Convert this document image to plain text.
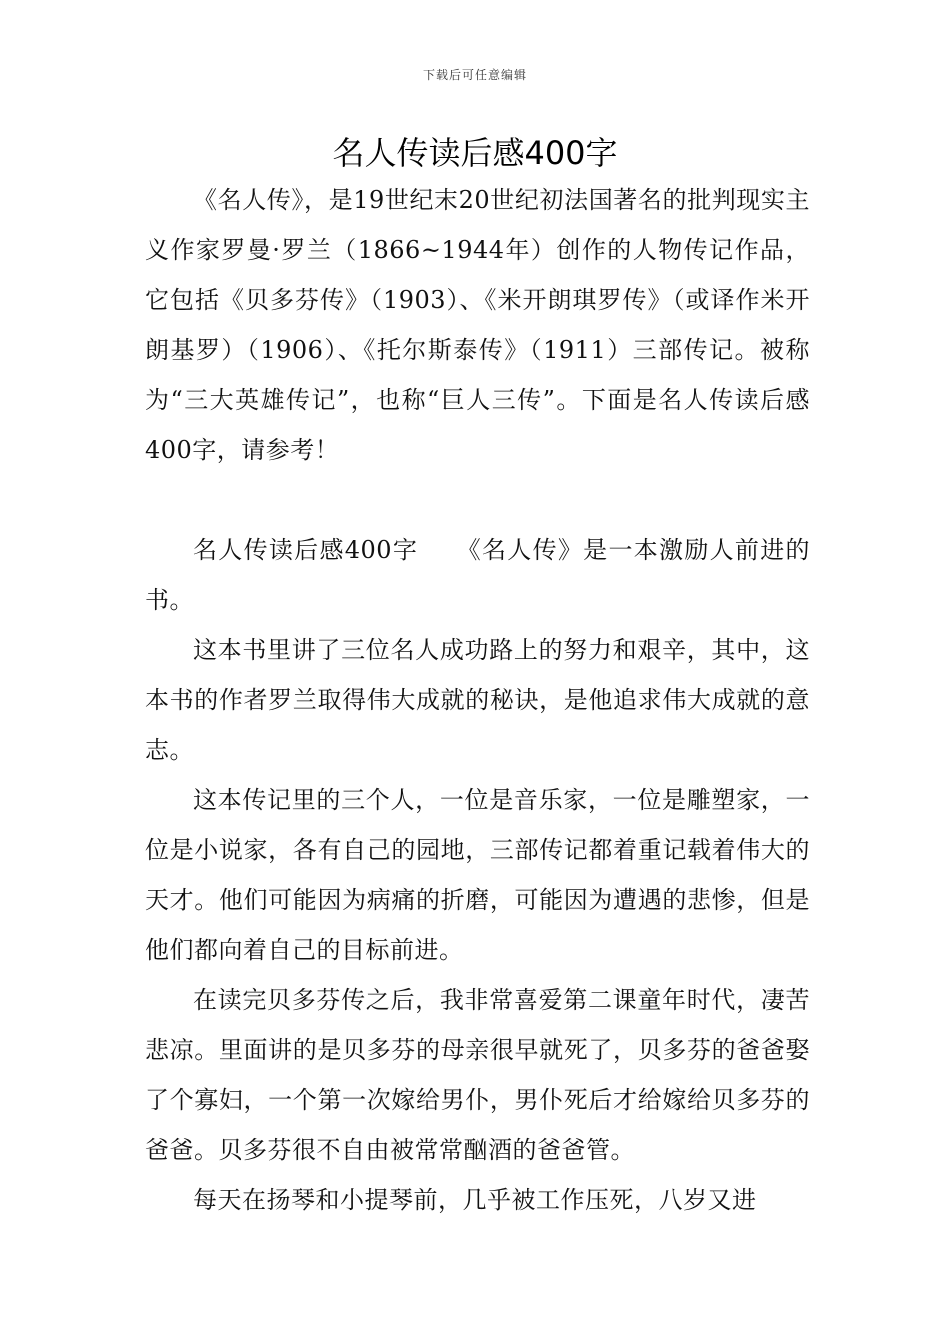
下载后可任意编辑
名人传读后感400字

《名人传》，是19世纪末20世纪初法国著名的批判现实主义作家罗曼·罗兰（1866~1944年）创作的人物传记作品，它包括《贝多芬传》（1903）、《米开朗琪罗传》（或译作米开朗基罗）（1906）、《托尔斯泰传》（1911）三部传记。被称为“三大英雄传记”，也称“巨人三传”。下面是名人传读后感400字，请参考！

名人传读后感400字　　《名人传》是一本激励人前进的书。

这本书里讲了三位名人成功路上的努力和艰辛，其中，这本书的作者罗兰取得伟大成就的秘诀，是他追求伟大成就的意志。

这本传记里的三个人，一位是音乐家，一位是雕塑家，一位是小说家，各有自己的园地，三部传记都着重记载着伟大的天才。他们可能因为病痛的折磨，可能因为遭遇的悲惨，但是他们都向着自己的目标前进。

在读完贝多芬传之后，我非常喜爱第二课童年时代，凄苦悲凉。里面讲的是贝多芬的母亲很早就死了，贝多芬的爸爸娶了个寡妇，一个第一次嫁给男仆，男仆死后才给嫁给贝多芬的爸爸。贝多芬很不自由被常常酗酒的爸爸管。

每天在扬琴和小提琴前，几乎被工作压死，八岁又进
